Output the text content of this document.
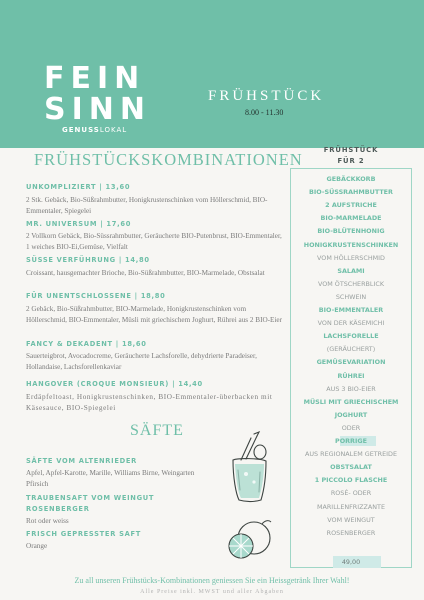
FEIN
SINN
GENUSSLOKAL
FRÜHSTÜCK
8.00 - 11.30
FRÜHSTÜCKSKOMBINATIONEN
UNKOMPLIZIERT | 13,60
2 Stk. Gebäck, Bio-Süßrahmbutter, Honigkrustenschinken vom Höllerschmid, BIO-Emmentaler, Spiegelei
MR. UNIVERSUM | 17,60
2 Vollkorn Gebäck, Bio-Süssrahmbutter, Geräucherte BIO-Putenbrust, BIO-Emmentaler, 1 weiches BIO-Ei,Gemüse, Vielfalt
SÜSSE VERFÜHRUNG | 14,80
Croissant, hausgemachter Brioche, Bio-Süßrahmbutter, BIO-Marmelade, Obstsalat
FÜR UNENTSCHLOSSENE | 18,80
2 Gebäck, Bio-Süßrahmbutter, BIO-Marmelade, Honigkrustenschinken vom Höllerschmid, BIO-Emmentaler, Müsli mit griechischem Joghurt, Rührei aus 2 BIO-Eier
FANCY & DEKADENT | 18,60
Sauerteigbrot, Avocadocreme, Geräucherte Lachsforelle, dehydrierte Paradeiser, Hollandaise, Lachsforellenkaviar
HANGOVER (CROQUE MONSIEUR) | 14,40
Erdäpfeltoast, Honigkrustenschinken, BIO-Emmentaler-überbacken mit Käsesauce, BIO-Spiegelei
SÄFTE
SÄFTE VOM ALTENRIEDER
Apfel, Apfel-Karotte, Marille, Williams Birne, Weingarten Pfirsich
TRAUBENSAFT VOM WEINGUT
ROSENBERGER
Rot oder weiss
FRISCH GEPRESSTER SAFT
Orange
FRÜHSTÜCK
FÜR 2
GEBÄCKKORB
BIO-SÜSSRAHMBUTTER
2 AUFSTRICHE
BIO-MARMELADE
BIO-BLÜTENHONIG
HONIGKRUSTENSCHINKEN
VOM HÖLLERSCHMID
SALAMI
VOM ÖTSCHERBLICK
SCHWEIN
BIO-EMMENTALER
VON DER KÄSEMICHI
LACHSFORELLE
(GERÄUCHERT)
GEMÜSEVARIATION
RÜHREI
AUS 3 BIO-EIER
MÜSLI MIT GRIECHISCHEM
JOGHURT
ODER
PORRIGE
AUS REGIONALEM GETREIDE
OBSTSALAT
1 PICCOLO FLASCHE
ROSÉ- ODER
MARILLENFRIZZANTE
VOM WEINGUT
ROSENBERGER
49,00
Zu all unseren Frühstücks-Kombinationen geniessen Sie ein Heissgetränk Ihrer Wahl!
Alle Preise inkl. MWST und aller Abgaben
